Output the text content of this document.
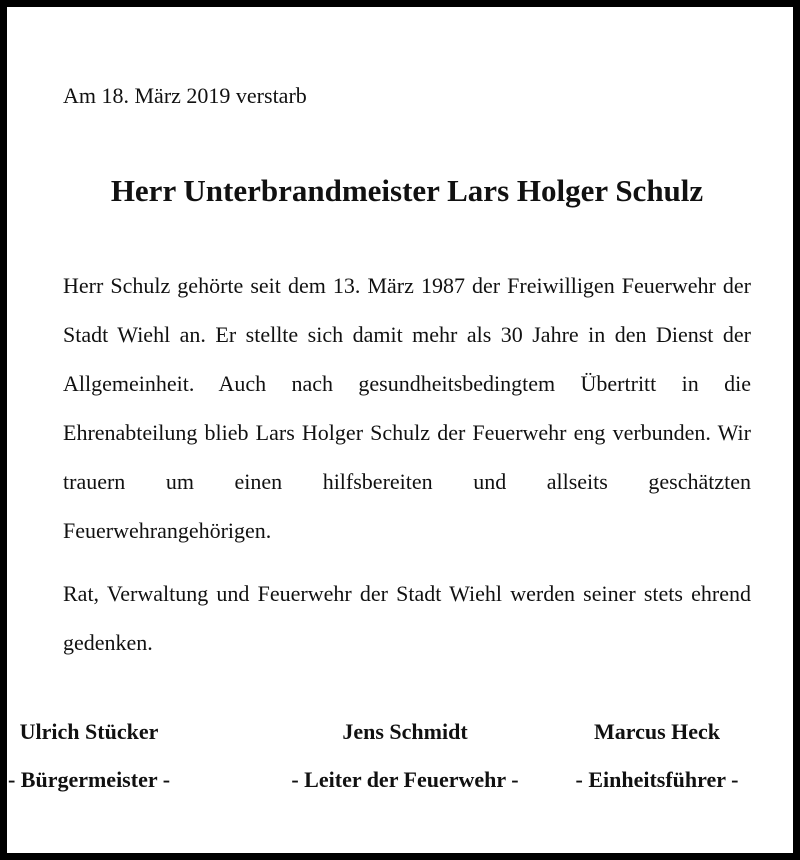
Am 18. März 2019 verstarb
Herr Unterbrandmeister Lars Holger Schulz

Herr Schulz gehörte seit dem 13. März 1987 der Freiwilligen Feuerwehr der Stadt Wiehl an. Er stellte sich damit mehr als 30 Jahre in den Dienst der Allgemeinheit. Auch nach gesundheitsbedingtem Übertritt in die Ehrenabteilung blieb Lars Holger Schulz der Feuerwehr eng verbunden. Wir trauern um einen hilfsbereiten und allseits geschätzten Feuerwehrangehörigen.

Rat, Verwaltung und Feuerwehr der Stadt Wiehl werden seiner stets ehrend gedenken.

Ulrich Stücker
- Bürgermeister -
Jens Schmidt
- Leiter der Feuerwehr -
Marcus Heck
- Einheitsführer -
